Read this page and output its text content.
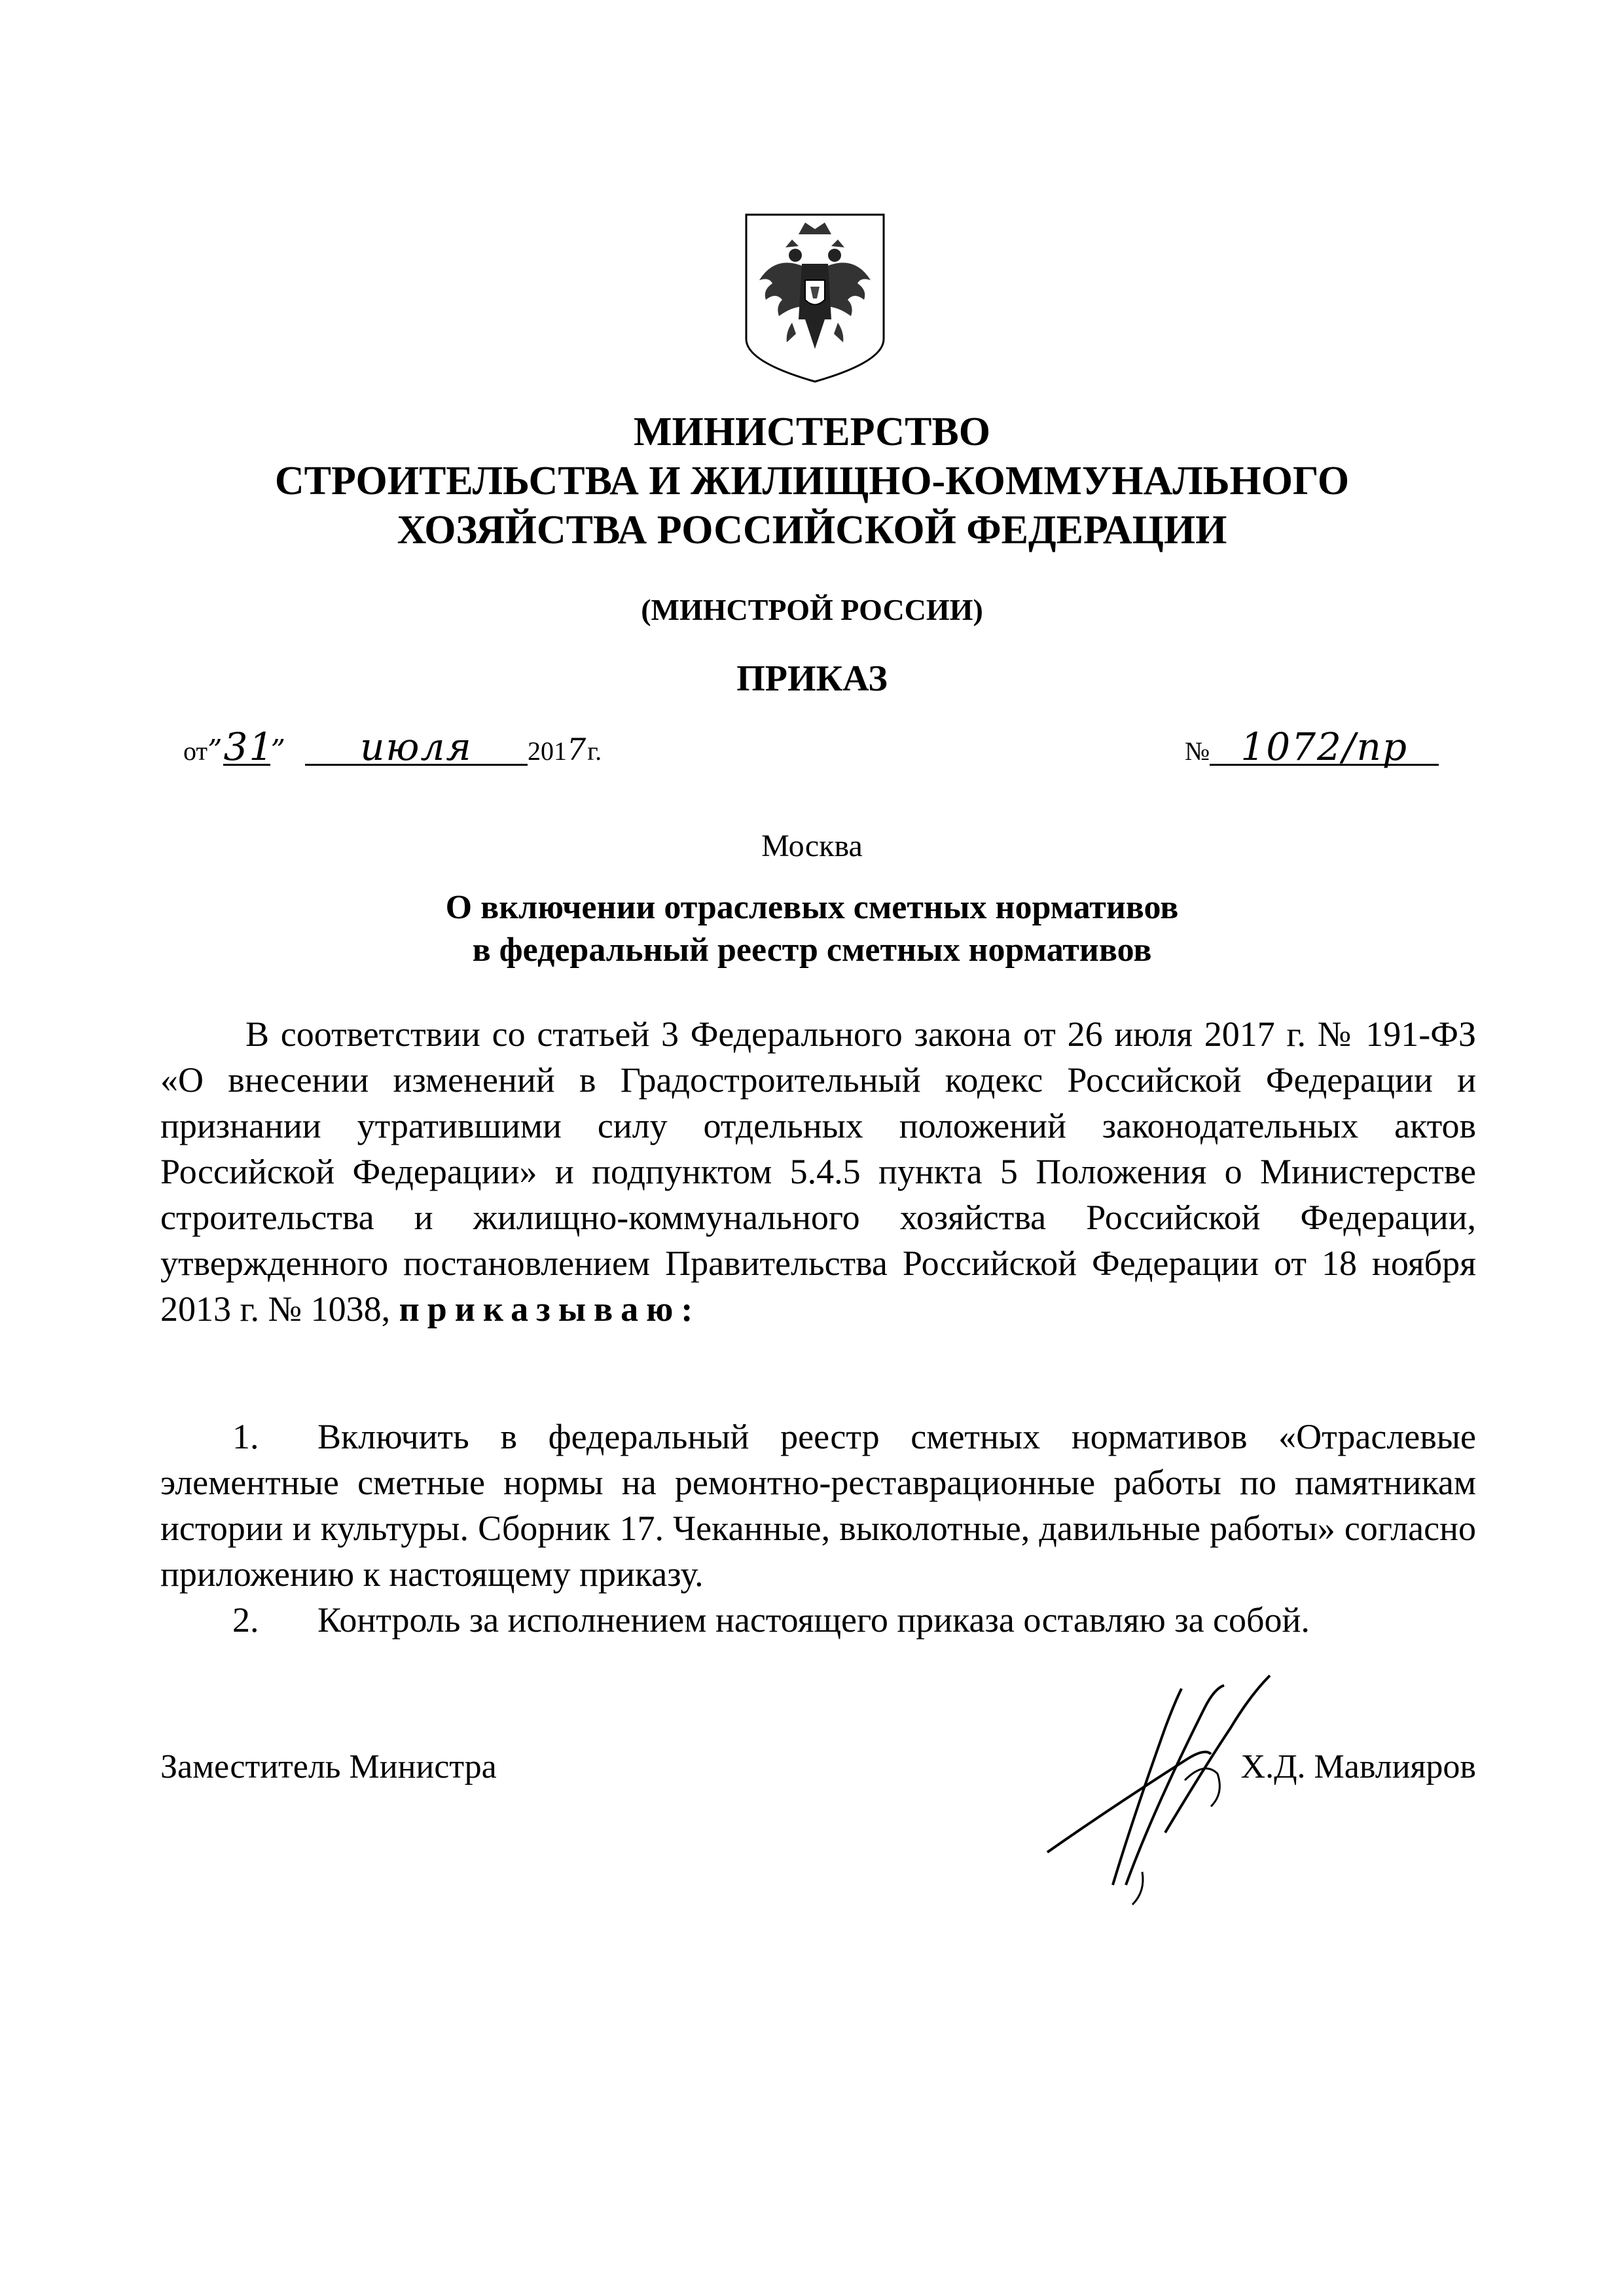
МИНИСТЕРСТВО
СТРОИТЕЛЬСТВА И ЖИЛИЩНО-КОММУНАЛЬНОГО
ХОЗЯЙСТВА РОССИЙСКОЙ ФЕДЕРАЦИИ
(МИНСТРОЙ РОССИИ)
ПРИКАЗ
от”31” июля 2017г.	№ 1072/пр
Москва
О включении отраслевых сметных нормативов
в федеральный реестр сметных нормативов

В соответствии со статьей 3 Федерального закона от 26 июля 2017 г. № 191-ФЗ «О внесении изменений в Градостроительный кодекс Российской Федерации и признании утратившими силу отдельных положений законодательных актов Российской Федерации» и подпунктом 5.4.5 пункта 5 Положения о Министерстве строительства и жилищно-коммунального хозяйства Российской Федерации, утвержденного постановлением Правительства Российской Федерации от 18 ноября 2013 г. № 1038, приказываю:

1. Включить в федеральный реестр сметных нормативов «Отраслевые элементные сметные нормы на ремонтно-реставрационные работы по памятникам истории и культуры. Сборник 17. Чеканные, выколотные, давильные работы» согласно приложению к настоящему приказу.

2. Контроль за исполнением настоящего приказа оставляю за собой.

Заместитель Министра	Х.Д. Мавлияров
